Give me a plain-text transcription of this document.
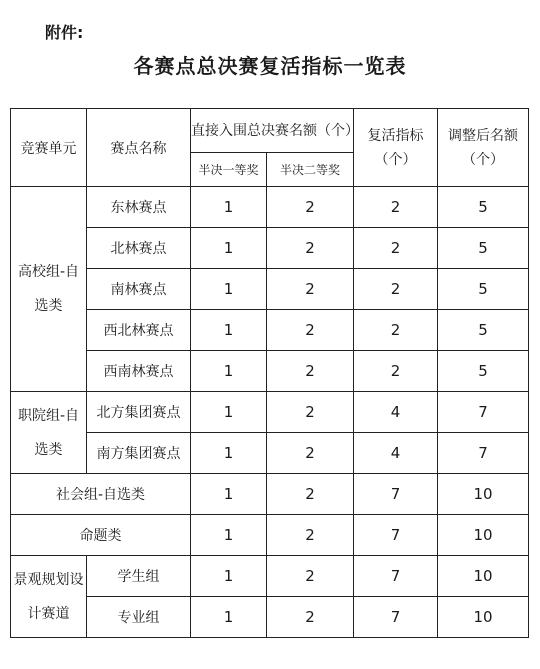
附件:
各赛点总决赛复活指标一览表
竞赛单元	赛点名称	直接入围总决赛名额（个）		复活指标（个）	调整后名额（个）
		半决一等奖	半决二等奖		
高校组-自选类	东林赛点	1	2	2	5
	北林赛点	1	2	2	5
	南林赛点	1	2	2	5
	西北林赛点	1	2	2	5
	西南林赛点	1	2	2	5
职院组-自选类	北方集团赛点	1	2	4	7
	南方集团赛点	1	2	4	7
社会组-自选类		1	2	7	10
命题类		1	2	7	10
景观规划设计赛道	学生组	1	2	7	10
	专业组	1	2	7	10
